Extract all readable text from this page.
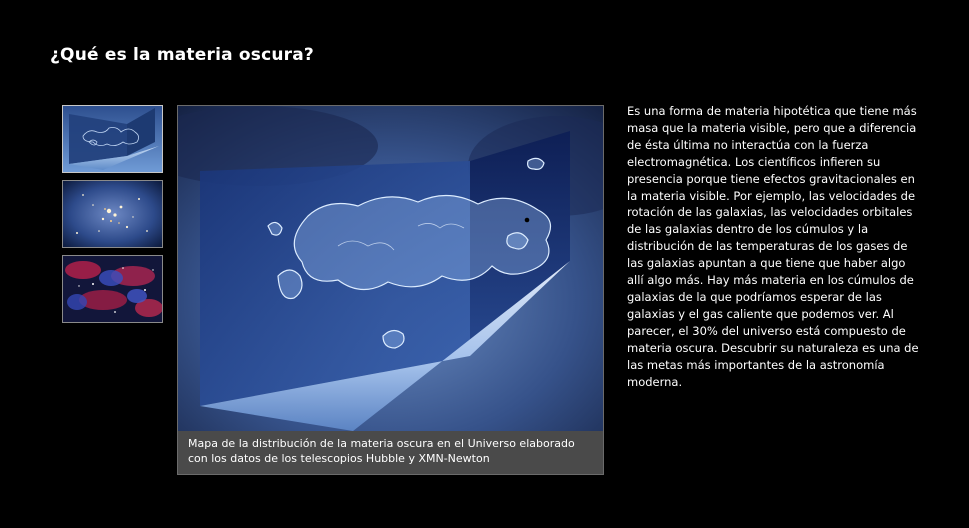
¿Qué es la materia oscura?
Mapa de la distribución de la materia oscura en el Universo elaborado con los datos de los telescopios Hubble y XMN-Newton

Es una forma de materia hipotética que tiene más masa que la materia visible, pero que a diferencia de ésta última no interactúa con la fuerza electromagnética. Los científicos infieren su presencia porque tiene efectos gravitacionales en la materia visible. Por ejemplo, las velocidades de rotación de las galaxias, las velocidades orbitales de las galaxias dentro de los cúmulos y la distribución de las temperaturas de los gases de las galaxias apuntan a que tiene que haber algo allí algo más. Hay más materia en los cúmulos de galaxias de la que podríamos esperar de las galaxias y el gas caliente que podemos ver. Al parecer, el 30% del universo está compuesto de materia oscura. Descubrir su naturaleza es una de las metas más importantes de la astronomía moderna.
